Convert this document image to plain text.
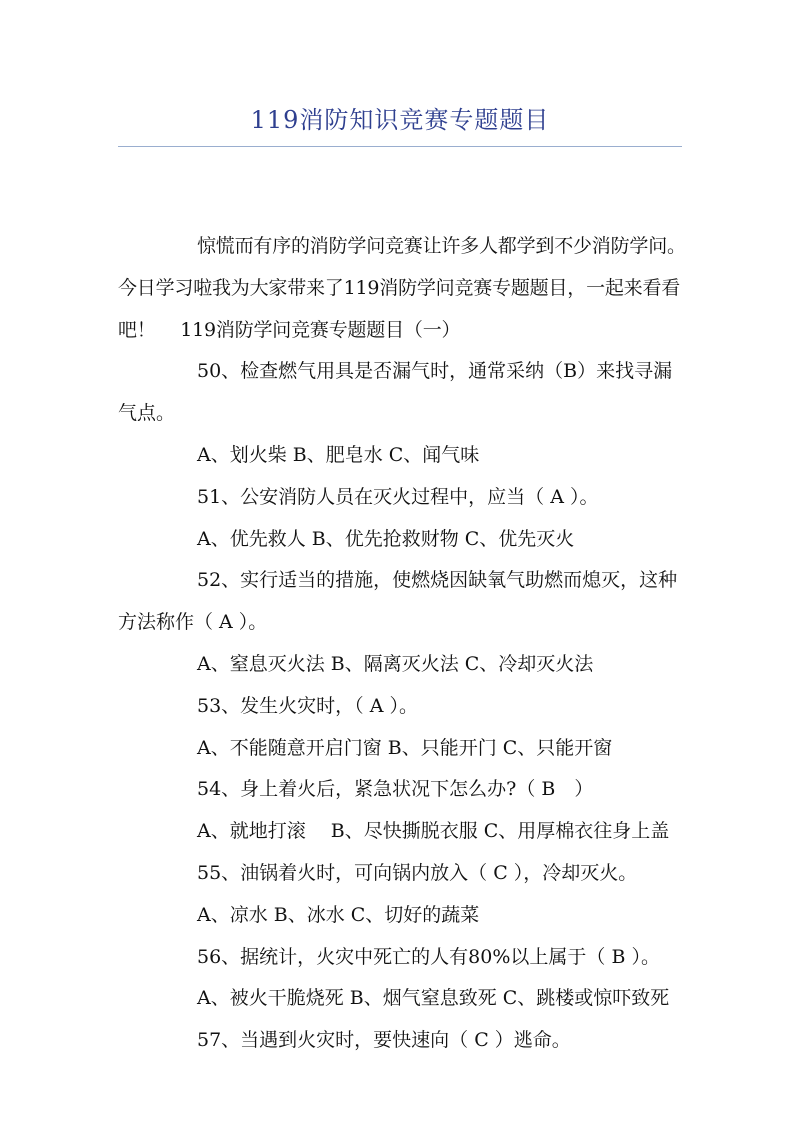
119消防知识竞赛专题题目

惊慌而有序的消防学问竞赛让许多人都学到不少消防学问。今日学习啦我为大家带来了119消防学问竞赛专题题目，一起来看看吧！　 119消防学问竞赛专题题目（一）

50、检查燃气用具是否漏气时，通常采纳（B）来找寻漏气点。

A、划火柴 B、肥皂水 C、闻气味

51、公安消防人员在灭火过程中，应当（ A ）。

A、优先救人 B、优先抢救财物 C、优先灭火

52、实行适当的措施，使燃烧因缺氧气助燃而熄灭，这种方法称作（ A ）。

A、窒息灭火法 B、隔离灭火法 C、冷却灭火法

53、发生火灾时，（ A ）。

A、不能随意开启门窗 B、只能开门 C、只能开窗

54、身上着火后，紧急状况下怎么办?（ B　）

A、就地打滚　 B、尽快撕脱衣服 C、用厚棉衣往身上盖

55、油锅着火时，可向锅内放入（ C ），冷却灭火。

A、凉水 B、冰水 C、切好的蔬菜

56、据统计，火灾中死亡的人有80%以上属于（ B ）。

A、被火干脆烧死 B、烟气窒息致死 C、跳楼或惊吓致死

57、当遇到火灾时，要快速向（ C ）逃命。
